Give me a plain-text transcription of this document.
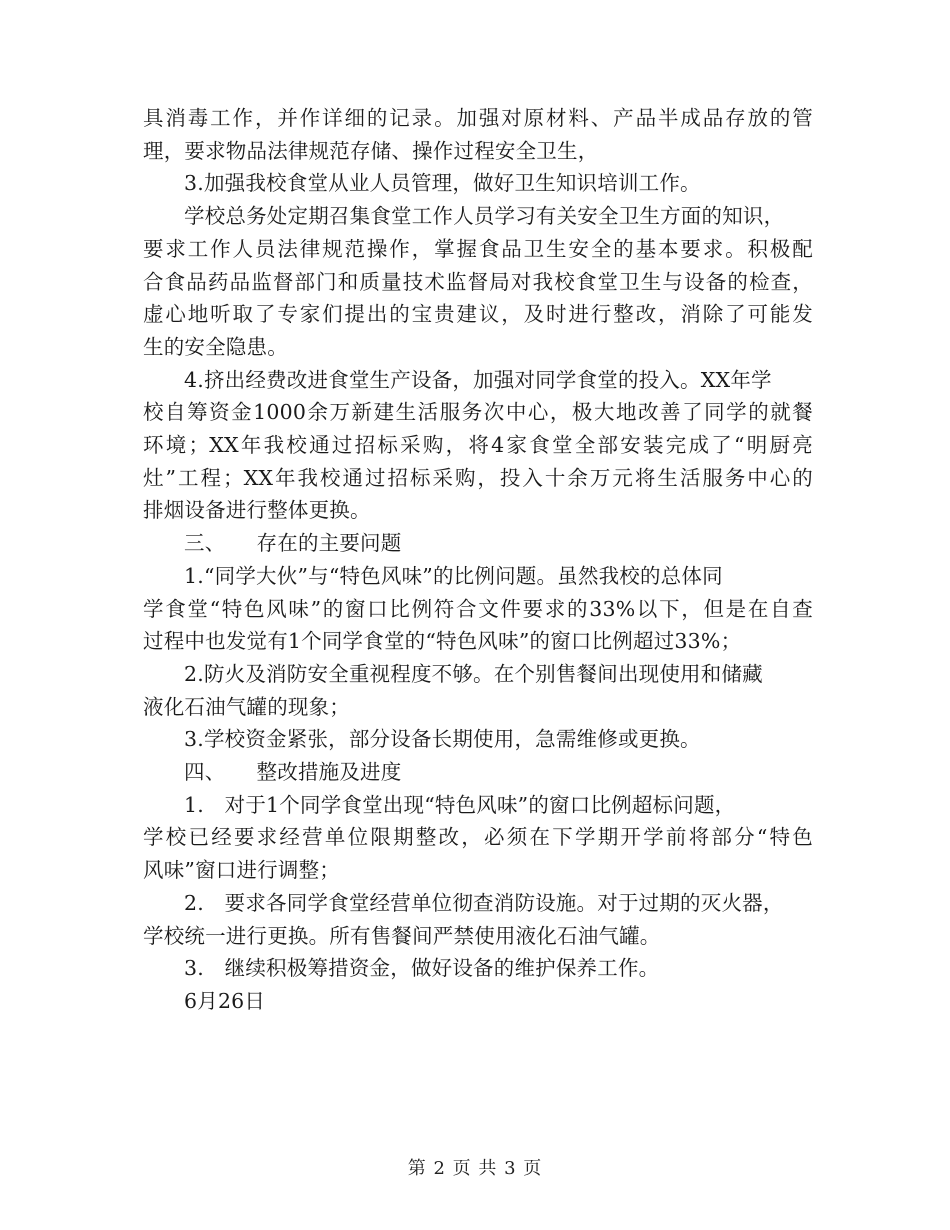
具消毒工作，并作详细的记录。加强对原材料、产品半成品存放的管
理，要求物品法律规范存储、操作过程安全卫生，
3.加强我校食堂从业人员管理，做好卫生知识培训工作。
学校总务处定期召集食堂工作人员学习有关安全卫生方面的知识，
要求工作人员法律规范操作，掌握食品卫生安全的基本要求。积极配
合食品药品监督部门和质量技术监督局对我校食堂卫生与设备的检查，
虚心地听取了专家们提出的宝贵建议，及时进行整改，消除了可能发
生的安全隐患。
4.挤出经费改进食堂生产设备，加强对同学食堂的投入。XX年学
校自筹资金1000余万新建生活服务次中心，极大地改善了同学的就餐
环境；XX年我校通过招标采购，将4家食堂全部安装完成了“明厨亮
灶”工程；XX年我校通过招标采购，投入十余万元将生活服务中心的
排烟设备进行整体更换。
三、　　存在的主要问题
1.“同学大伙”与“特色风味”的比例问题。虽然我校的总体同
学食堂“特色风味”的窗口比例符合文件要求的33%以下，但是在自查
过程中也发觉有1个同学食堂的“特色风味”的窗口比例超过33%；
2.防火及消防安全重视程度不够。在个别售餐间出现使用和储藏
液化石油气罐的现象；
3.学校资金紧张，部分设备长期使用，急需维修或更换。
四、　　整改措施及进度
1.　对于1个同学食堂出现“特色风味”的窗口比例超标问题，
学校已经要求经营单位限期整改，必须在下学期开学前将部分“特色
风味”窗口进行调整；
2.　要求各同学食堂经营单位彻查消防设施。对于过期的灭火器，
学校统一进行更换。所有售餐间严禁使用液化石油气罐。
3.　继续积极筹措资金，做好设备的维护保养工作。
6月26日
第 2 页 共 3 页
